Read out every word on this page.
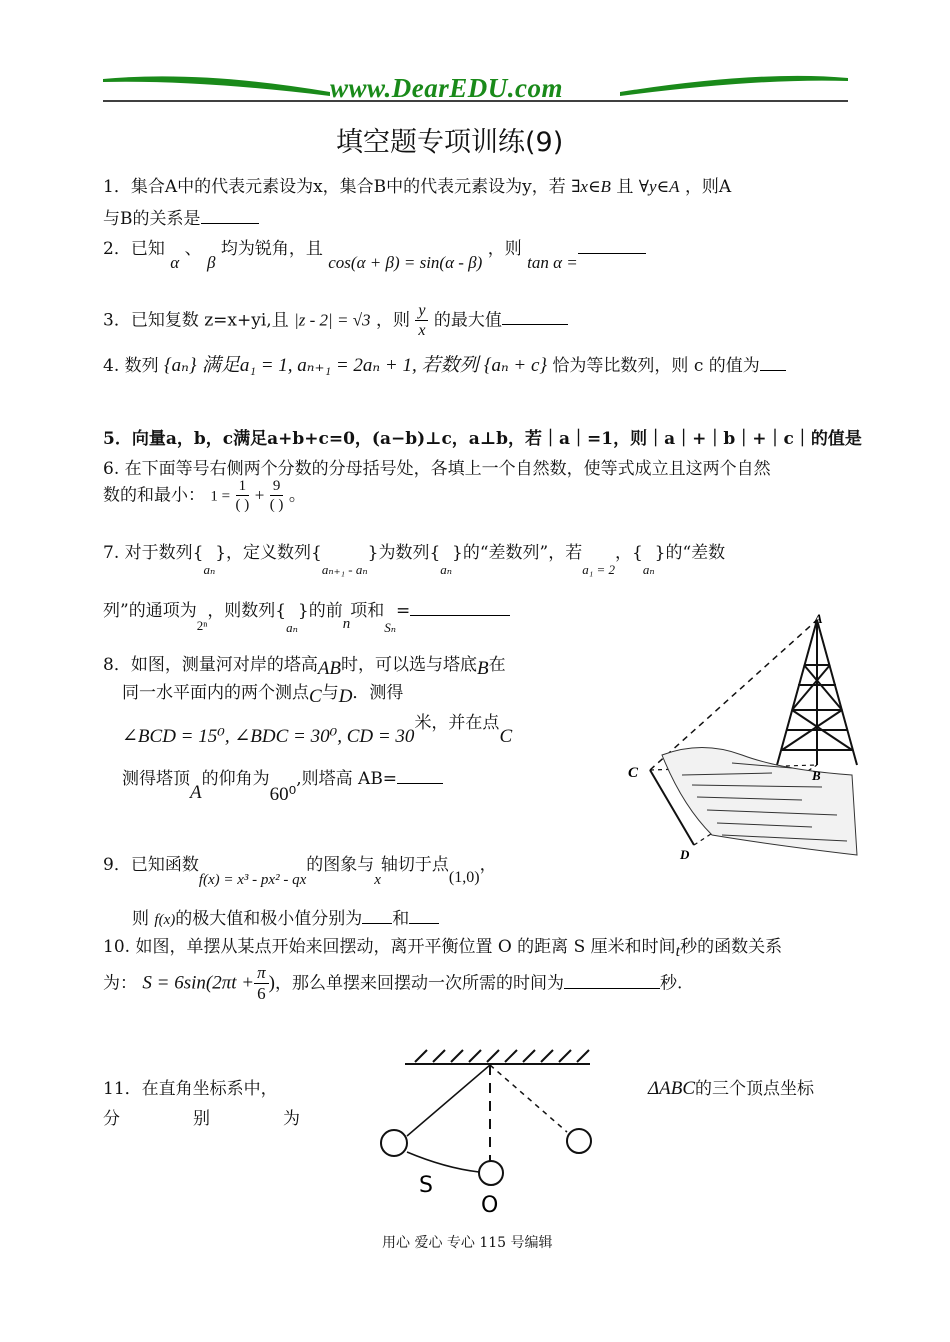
www.DearEDU.com
填空题专项训练(9)
1．集合A中的代表元素设为x，集合B中的代表元素设为y，若 ∃x∈B 且 ∀y∈A ，则A
与B的关系是
2．已知 α 、 β 均为锐角，且 cos(α + β) = sin(α - β) ，则 tan α =
3．已知复数 z=x+yi,且 |z - 2| = √3 ，则 $\frac{y}{x}$ 的最大值
4. 数列 {aₙ} 满足a₁ = 1, aₙ₊₁ = 2aₙ + 1, 若数列 {aₙ + c} 恰为等比数列，则 c 的值为
5．向量a，b，c满足a+b+c=0，(a−b)⊥c，a⊥b，若｜a｜=1，则｜a｜+｜b｜+｜c｜的值是
6. 在下面等号右侧两个分数的分母括号处，各填上一个自然数，使等式成立且这两个自然
数的和最小： $1 = \frac{1}{( )} + \frac{9}{( )}$ 。
7. 对于数列$\{_{a_n}\}$，定义数列$\{_{a_{n+1} - a_n}\}$为数列$\{_{a_n}\}$的“差数列”，若$_{a_1 = 2}$，$\{_{a_n}\}$的“差数
列”的通项为$_{2^n}$，则数列$\{_{a_n}\}$的前n项和$_{S_n}$=
8．如图，测量河对岸的塔高AB时，可以选与塔底B在
同一水平面内的两个测点C与D．测得
∠BCD = 15⁰, ∠BDC = 30⁰, CD = 30米，并在点C
测得塔顶A的仰角为60⁰,则塔高 AB=
A
B
C
D
9．已知函数f(x) = x³ - px² - qx的图象与x轴切于点(1,0)，
则 f(x)的极大值和极小值分别为 和
10. 如图，单摆从某点开始来回摆动，离开平衡位置 O 的距离 S 厘米和时间t秒的函数关系
为： $S = 6\sin(2\pi t + \frac{\pi}{6}$ )，那么单摆来回摆动一次所需的时间为	秒.
11．在直角坐标系中，	ΔABC的三个顶点坐标
分	别	为
S
O
用心 爱心 专心 115 号编辑
